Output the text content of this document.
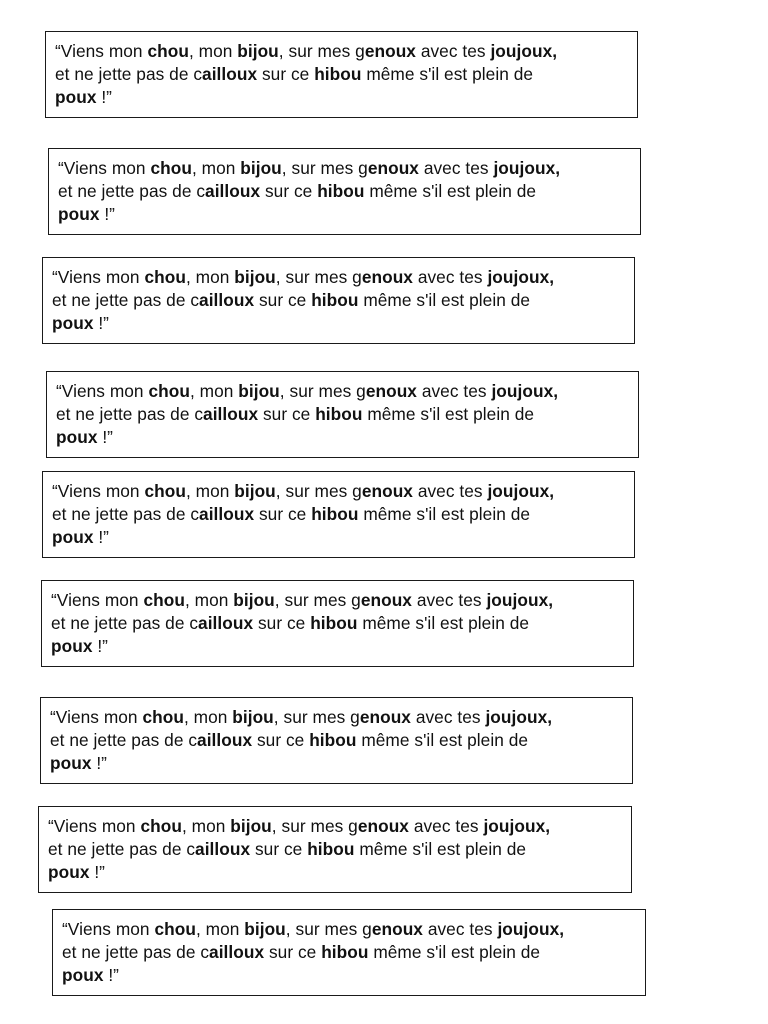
“Viens mon chou, mon bijou, sur mes genoux avec tes joujoux,
et ne jette pas de cailloux sur ce hibou même s'il est plein de
poux !”
“Viens mon chou, mon bijou, sur mes genoux avec tes joujoux,
et ne jette pas de cailloux sur ce hibou même s'il est plein de
poux !”
“Viens mon chou, mon bijou, sur mes genoux avec tes joujoux,
et ne jette pas de cailloux sur ce hibou même s'il est plein de
poux !”
“Viens mon chou, mon bijou, sur mes genoux avec tes joujoux,
et ne jette pas de cailloux sur ce hibou même s'il est plein de
poux !”
“Viens mon chou, mon bijou, sur mes genoux avec tes joujoux,
et ne jette pas de cailloux sur ce hibou même s'il est plein de
poux !”
“Viens mon chou, mon bijou, sur mes genoux avec tes joujoux,
et ne jette pas de cailloux sur ce hibou même s'il est plein de
poux !”
“Viens mon chou, mon bijou, sur mes genoux avec tes joujoux,
et ne jette pas de cailloux sur ce hibou même s'il est plein de
poux !”
“Viens mon chou, mon bijou, sur mes genoux avec tes joujoux,
et ne jette pas de cailloux sur ce hibou même s'il est plein de
poux !”
“Viens mon chou, mon bijou, sur mes genoux avec tes joujoux,
et ne jette pas de cailloux sur ce hibou même s'il est plein de
poux !”
